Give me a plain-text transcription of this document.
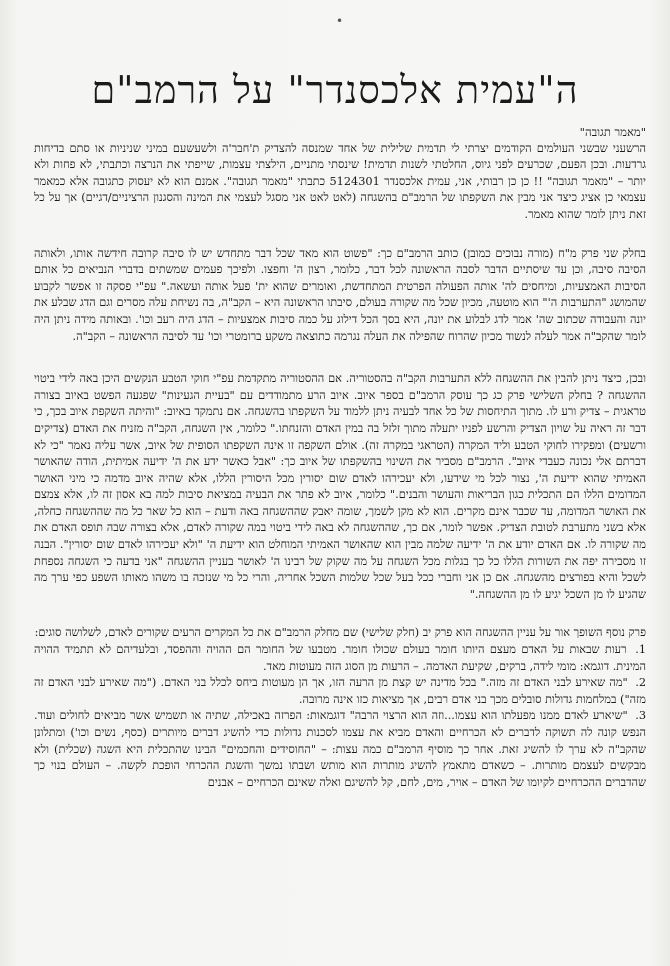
•
ה"עמית אלכסנדר" על הרמב"ם

"מאמר תגובה"

הרשעני שבשני העולמים הקודמים יצרתי לי תדמית שלילית של אחד שמנסה להצדיק ת'חבר'ה ולשעשעם במיני שניניות או סתם בדיחות גרדעות. ובכן הפעם, שכרעים לפני גיוס, החלטתי לשנות תדמית! שינסתי מתניים, הילצתי עצמות, שייפתי את הנרצה וכתבתי, לא פחות ולא יותר – "מאמר תגובה" !! כן כן רבותי, אני, עמית אלכסנדר 5124301 כתבתי "מאמר תגובה". אמנם הוא לא יעסוק כתגובה אלא כמאמר עצמאי כן אציג כיצד אני מבין את השקפתו של הרמב"ם בהשגחה (לאט לאט אני מסגל לעצמי את המינה והסגנון הרציניים/דגיים) אך על כל זאת ניתן לומר שהוא מאמר.

בחלק שני פרק מ"ח (מורה נבוכים כמובן) כותב הרמב"ם כך: "פשוט הוא מאד שכל דבר מתחדש יש לו סיבה קרובה חידשה אותו, ולאותה הסיבה סיבה, וכן עד שיסתיים הדבר לסבה הראשונה לכל דבר, כלומר, רצון ה' וחפצו. ולפיכך פעמים שמשתים בדברי הנביאים כל אותם הסיבות האמצעיות, ומיחסים לה' אותה הפעולה הפרטית המתחדשת, ואומרים שהוא ית' פעל אותה ועשאה." עפ"י פסקה זו אפשר לקבוע שהמושג "התערבות ה'" הוא מוטעה, מכיון שכל מה שקורה בעולם, סיבתו הראשונה היא – הקב"ה, בה נשיחת עלה מסרים וגם הדג שבלע את יונה והעבודה שכתוב שה' אמר לדג לבלוע את יונה, היא בסך הכל דילוג על כמה סיבות אמצעיות – הדג היה רעב וכו'. ובאותה מידה ניתן היה לומר שהקב"ה אמר לעלה לנשוד מכיון שהרוח שהפילה את העלה נגרמה כתוצאה משקע ברומטרי וכו' עד לסיבה הראשונה – הקב"ה.

ובכן, כיצד ניתן להבין את ההשגחה ללא התערבות הקב"ה בהסטוריה. אם ההסטוריה מתקדמת עפ"י חוקי הטבע הנקשים היכן באה לידי ביטוי ההשגחה ? בחלק השלישי פרק כג כך עוסק הרמב"ם בספר איוב. איוב הרע מתמודדים עם "בעיית הגעינות" שפגעה הפשט באיוב בצורה טראגית – צדיק ורע לו. מתוך התיחסות של כל אחד לבעיה ניתן ללמוד על השקפתו בהשגחה. אם נתמקד באיוב: "והיתה השקפת איוב בכך, כי דבר זה ראיה על שויון הצדיק והרשע לפניו יתעלה מתוך זלזל בה במין האדם והזנחתו." כלומר, אין השגחה, הקב"ה מזניח את האדם (צדיקים ורשעים) ומפקירו לחוקי הטבע וליד המקרה (הטראגי במקרה זה). אולם השקפה זו אינה השקפתו הסופית של איוב, אשר עליה נאמר "כי לא דברתם אלי נכונה כעבדי איוב". הרמב"ם מסביר את השינוי בהשקפתו של איוב כך: "אבל כאשר ידע את ה' ידיעה אמיתית, הודה שהאושר האמיתי שהוא ידיעת ה', נצור לכל מי שידעו, ולא יעכירהו לאדם שום יסורין מכל היסורין הללו, אלא שהיה איוב מדמה כי מיני האושר המדומים הללו הם התכלית כגון הבריאות והעושר והבנים." כלומר, איוב לא פתר את הבעיה במציאת סיבות למה בא אסון זה לו, אלא צמצם את האושר המדומה, עד שכבר אינם מקרים. הוא לא מקן לשמך, שומה יאבק שההשגחה באה ודעת – הוא כל שאר כל מה שההשגחה כחלה, אלא בשני מתערבת לטובת הצדיק. אפשר לומר, אם כך, שההשגחה לא באה לידי ביטוי במה שקורה לאדם, אלא בצורה שבה תופס האדם את מה שקורה לו. אם האדם יודע את ה' ידיעה שלמה מבין הוא שהאושר האמיתי המוחלט הוא ידיעת ה' "ולא יעכירהו לאדם שום יסורין". הבנה זו מסבירה יפה את השורות הללו כל כך בגלות מכל השגחה על מה שקוק של רבינו ה' לאושר בעניין ההשגחה "אני בדעה כי השגחה נספחת לשכל והיא בפורצים מהשגחה. אם כן אני וחברי ככל בעל שכל שלמות השכל אחריה, והרי כל מי שנזכה בו משהו מאותו השפע כפי ערך מה שהגיע לו מן השכל יגיע לו מן ההשגחה."

פרק נוסף השופך אור על עניין ההשגחה הוא פרק יב (חלק שלישי) שם מחלק הרמב"ם את כל המקרים הרעים שקורים לאדם, לשלושה סוגים:

1. רעות שבאות על האדם מעצם היותו חומר בעולם שכולו חומר. מטבעו של החומר הם ההויה וההפסד, ובלעדיהם לא תתמיד ההויה המינית. דוגמא: מומי לידה, ברקים, שקיעת האדמה. – הרעות מן הסוג הזה מעוטות מאד.
2. "מה שאירע לבני האדם זה מזה." בכל מדינה יש קצת מן הרעה הזו, אך הן מעוטות ביחס לכלל בני האדם. ("מה שאירע לבני האדם זה מזה") במלחמות גדולות סובלים מכך בני אדם רבים, אך מציאות כזו אינה מרובה.
3. "שיארע לאדם ממנו מפעלתו הוא עצמו...וזה הוא הרצוי הרבה" דוגמאות: הפרזה באכילה, שתיה או תשמיש אשר מביאים לחולים ועוד. הנפש קונה לה תשוקה לדברים לא הכרחיים והאדם מביא את עצמו לסכנות גדולות כדי להשיג דברים מיותרים (כסף, נשים וכו') ומתלונן שהקב"ה לא ערך לו להשיג זאת. אחר כך מוסיף הרמב"ם כמה עצות: – "החוסידים והחכמים" הבינו שהתכלית היא השגה (שכלית) ולא מבקשים לעצמם מותרות. – כשאדם מתאמץ להשיג מותרות הוא מותש ושבתו נמשך והשגת ההכרחי הופכת לקשה. – העולם בנוי כך שהדברים ההכרחיים לקיומו של האדם – אויר, מים, לחם, קל להשיגם ואלה שאינם הכרחיים – אבנים
